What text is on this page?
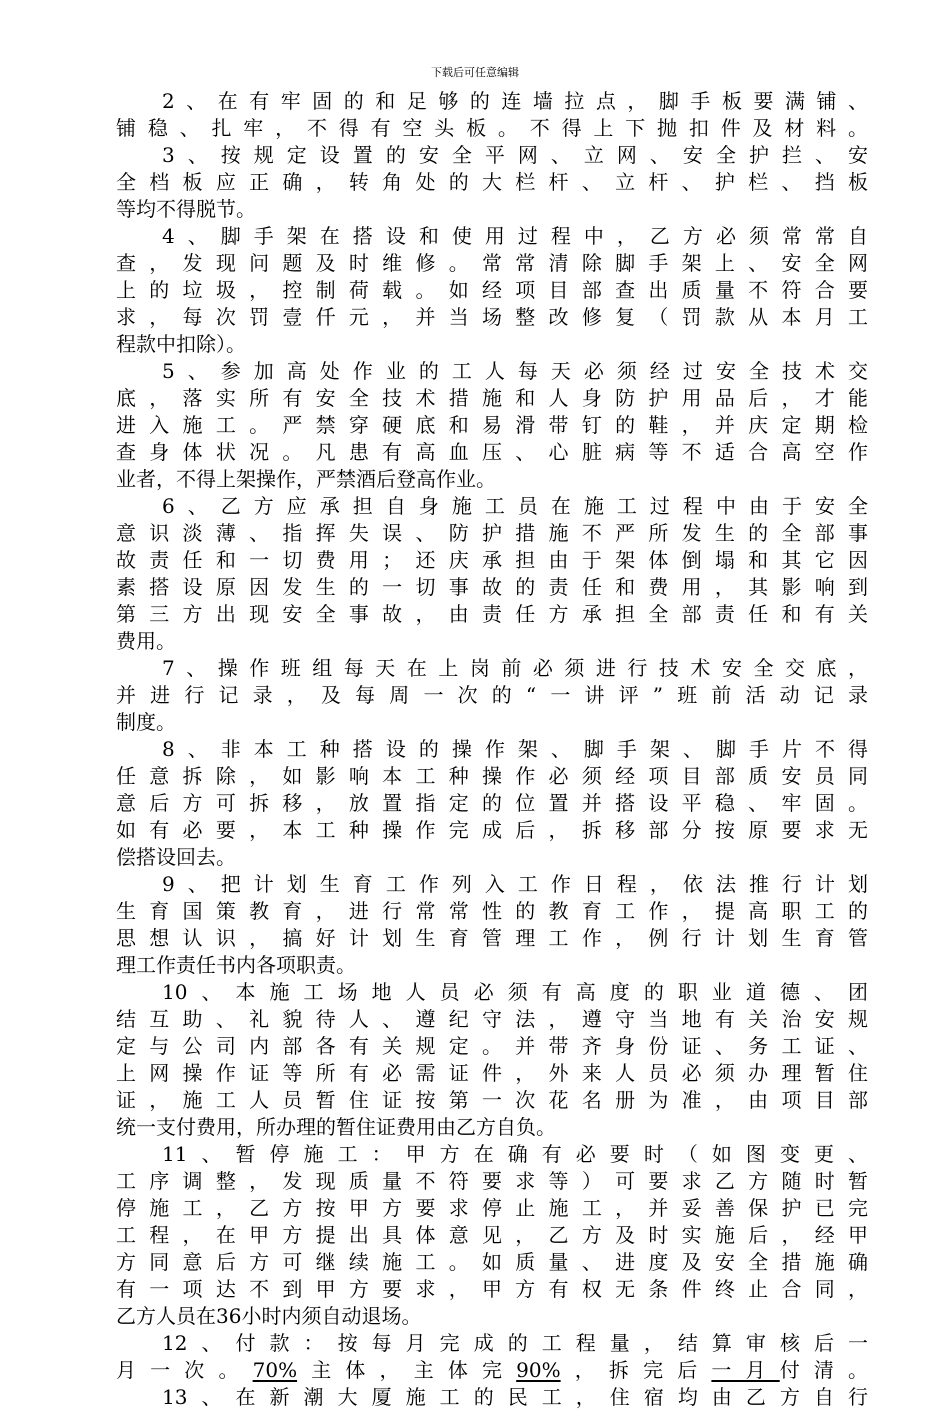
下载后可任意编辑
2、在有牢固的和足够的连墙拉点，脚手板要满铺、
铺稳、扎牢，不得有空头板。不得上下抛扣件及材料。
3、按规定设置的安全平网、立网、安全护拦、安
全档板应正确，转角处的大栏杆、立杆、护栏、挡板
等均不得脱节。
4、脚手架在搭设和使用过程中，乙方必须常常自
查，发现问题及时维修。常常清除脚手架上、安全网
上的垃圾，控制荷载。如经项目部查出质量不符合要
求，每次罚壹仟元，并当场整改修复（罚款从本月工
程款中扣除）。
5、参加高处作业的工人每天必须经过安全技术交
底，落实所有安全技术措施和人身防护用品后，才能
进入施工。严禁穿硬底和易滑带钉的鞋，并庆定期检
查身体状况。凡患有高血压、心脏病等不适合高空作
业者，不得上架操作，严禁酒后登高作业。
6、乙方应承担自身施工员在施工过程中由于安全
意识淡薄、指挥失误、防护措施不严所发生的全部事
故责任和一切费用；还庆承担由于架体倒塌和其它因
素搭设原因发生的一切事故的责任和费用，其影响到
第三方出现安全事故，由责任方承担全部责任和有关
费用。
7、操作班组每天在上岗前必须进行技术安全交底，
并进行记录，及每周一次的“一讲评”班前活动记录
制度。
8、非本工种搭设的操作架、脚手架、脚手片不得
任意拆除，如影响本工种操作必须经项目部质安员同
意后方可拆移，放置指定的位置并搭设平稳、牢固。
如有必要，本工种操作完成后，拆移部分按原要求无
偿搭设回去。
9、把计划生育工作列入工作日程，依法推行计划
生育国策教育，进行常常性的教育工作，提高职工的
思想认识，搞好计划生育管理工作，例行计划生育管
理工作责任书内各项职责。
10、本施工场地人员必须有高度的职业道德、团
结互助、礼貌待人、遵纪守法，遵守当地有关治安规
定与公司内部各有关规定。并带齐身份证、务工证、
上网操作证等所有必需证件，外来人员必须办理暂住
证，施工人员暂住证按第一次花名册为准，由项目部
统一支付费用，所办理的暂住证费用由乙方自负。
11、暂停施工：甲方在确有必要时（如图变更、
工序调整，发现质量不符要求等）可要求乙方随时暂
停施工，乙方按甲方要求停止施工，并妥善保护已完
工程，在甲方提出具体意见，乙方及时实施后，经甲
方同意后方可继续施工。如质量、进度及安全措施确
有一项达不到甲方要求，甲方有权无条件终止合同，
乙方人员在36小时内须自动退场。
12、付款：按每月完成的工程量，结算审核后一
月一次。70%主体，主体完90%，拆完后一月付清。
13、在新潮大厦施工的民工，住宿均由乙方自行
